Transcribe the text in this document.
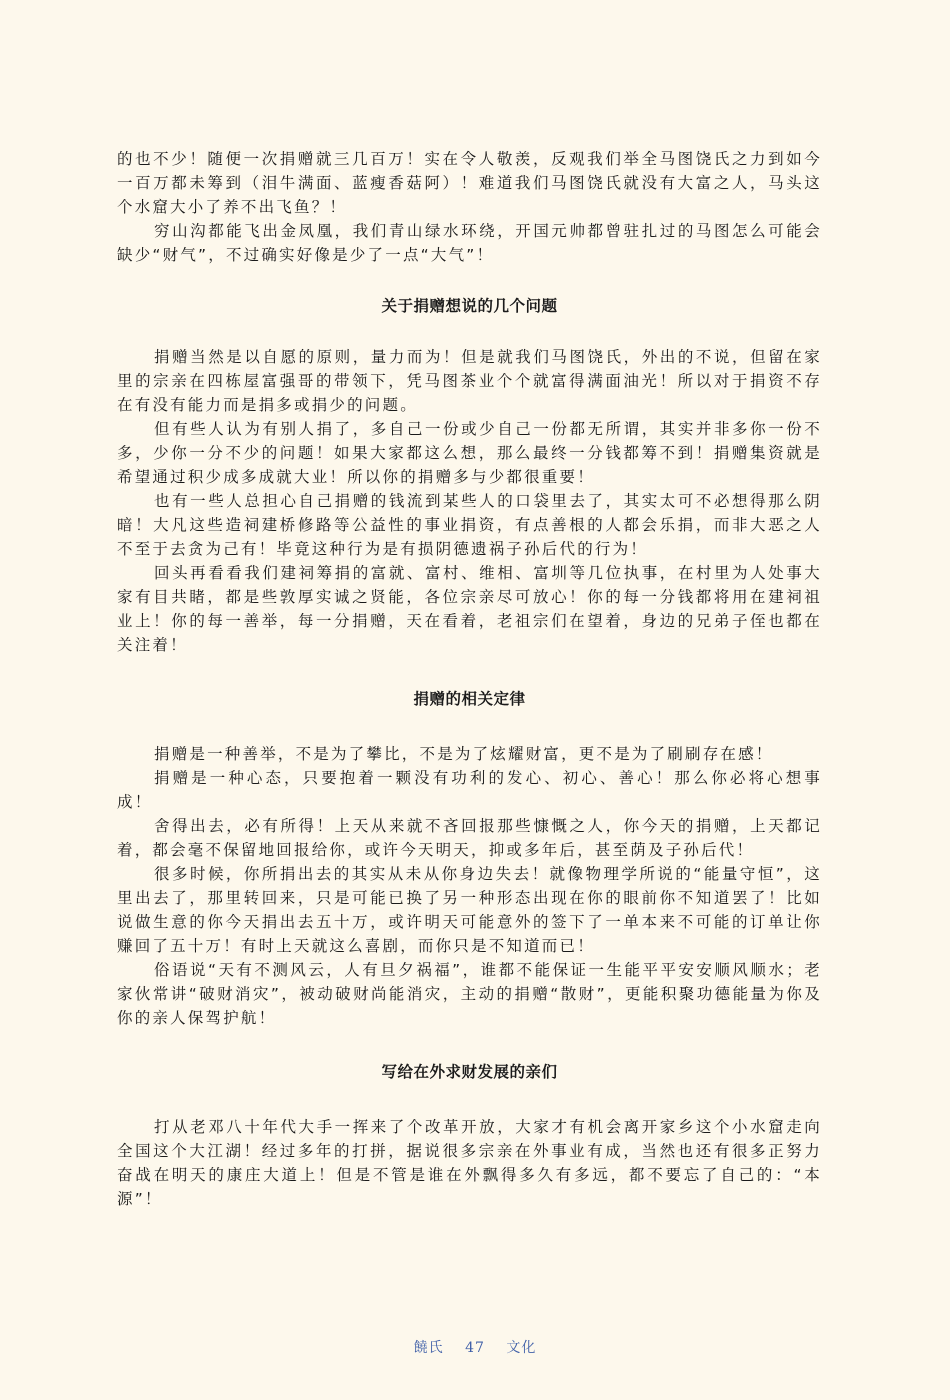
的也不少！随便一次捐赠就三几百万！实在令人敬羡，反观我们举全马图饶氏之力到如今一百万都未筹到（泪牛满面、蓝瘦香菇阿）！难道我们马图饶氏就没有大富之人，马头这个水窟大小了养不出飞鱼？！

穷山沟都能飞出金凤凰，我们青山绿水环绕，开国元帅都曾驻扎过的马图怎么可能会缺少“财气”，不过确实好像是少了一点“大气”！

关于捐赠想说的几个问题

捐赠当然是以自愿的原则，量力而为！但是就我们马图饶氏，外出的不说，但留在家里的宗亲在四栋屋富强哥的带领下，凭马图茶业个个就富得满面油光！所以对于捐资不存在有没有能力而是捐多或捐少的问题。

但有些人认为有别人捐了，多自己一份或少自己一份都无所谓，其实并非多你一份不多，少你一分不少的问题！如果大家都这么想，那么最终一分钱都筹不到！捐赠集资就是希望通过积少成多成就大业！所以你的捐赠多与少都很重要！

也有一些人总担心自己捐赠的钱流到某些人的口袋里去了，其实太可不必想得那么阴暗！大凡这些造祠建桥修路等公益性的事业捐资，有点善根的人都会乐捐，而非大恶之人不至于去贪为己有！毕竟这种行为是有损阴德遗祸子孙后代的行为！

回头再看看我们建祠筹捐的富就、富村、维相、富圳等几位执事，在村里为人处事大家有目共睹，都是些敦厚实诚之贤能，各位宗亲尽可放心！你的每一分钱都将用在建祠祖业上！你的每一善举，每一分捐赠，天在看着，老祖宗们在望着，身边的兄弟子侄也都在关注着！

捐赠的相关定律

捐赠是一种善举，不是为了攀比，不是为了炫耀财富，更不是为了刷刷存在感！

捐赠是一种心态，只要抱着一颗没有功利的发心、初心、善心！那么你必将心想事成！

舍得出去，必有所得！上天从来就不吝回报那些慷慨之人，你今天的捐赠，上天都记着，都会毫不保留地回报给你，或许今天明天，抑或多年后，甚至荫及子孙后代！

很多时候，你所捐出去的其实从未从你身边失去！就像物理学所说的“能量守恒”，这里出去了，那里转回来，只是可能已换了另一种形态出现在你的眼前你不知道罢了！比如说做生意的你今天捐出去五十万，或许明天可能意外的签下了一单本来不可能的订单让你赚回了五十万！有时上天就这么喜剧，而你只是不知道而已！

俗语说“天有不测风云，人有旦夕祸福”，谁都不能保证一生能平平安安顺风顺水；老家伙常讲“破财消灾”，被动破财尚能消灾，主动的捐赠“散财”，更能积聚功德能量为你及你的亲人保驾护航！

写给在外求财发展的亲们

打从老邓八十年代大手一挥来了个改革开放，大家才有机会离开家乡这个小水窟走向全国这个大江湖！经过多年的打拼，据说很多宗亲在外事业有成，当然也还有很多正努力奋战在明天的康庄大道上！但是不管是谁在外飘得多久有多远，都不要忘了自己的：“本源”！

饒氏 47 文化
